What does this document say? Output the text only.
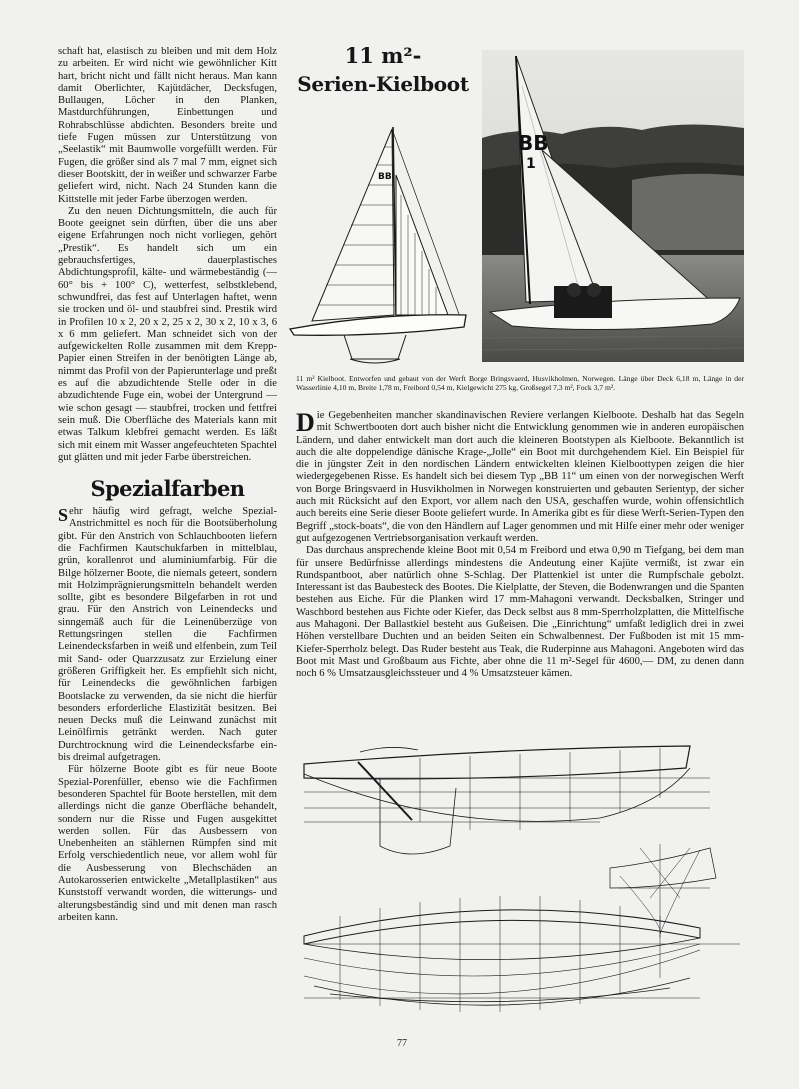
schaft hat, elastisch zu bleiben und mit dem Holz zu arbeiten. Er wird nicht wie gewöhnlicher Kitt hart, bricht nicht und fällt nicht heraus. Man kann damit Oberlichter, Kajütdächer, Decksfugen, Bullaugen, Löcher in den Planken, Mastdurchführungen, Einbettungen und Rohrabschlüsse abdichten. Besonders breite und tiefe Fugen müssen zur Unterstützung von „Seelastik“ mit Baumwolle vorgefüllt werden. Für Fugen, die größer sind als 7 mal 7 mm, eignet sich dieser Bootskitt, der in weißer und schwarzer Farbe geliefert wird, nicht. Nach 24 Stunden kann die Kittstelle mit jeder Farbe überzogen werden.

Zu den neuen Dichtungsmitteln, die auch für Boote geeignet sein dürften, über die uns aber eigene Erfahrungen noch nicht vorliegen, gehört „Prestik“. Es handelt sich um ein gebrauchsfertiges, dauerplastisches Abdichtungsprofil, kälte- und wärmebeständig (— 60° bis + 100° C), wetterfest, selbstklebend, schwundfrei, das fest auf Unterlagen haftet, wenn sie trocken und öl- und staubfrei sind. Prestik wird in Profilen 10 x 2, 20 x 2, 25 x 2, 30 x 2, 10 x 3, 6 x 6 mm geliefert. Man schneidet sich von der aufgewickelten Rolle zusammen mit dem Krepp-Papier einen Streifen in der benötigten Länge ab, nimmt das Profil von der Papierunterlage und preßt es auf die abzudichtende Stelle oder in die abzudichtende Fuge ein, wobei der Untergrund — wie schon gesagt — staubfrei, trocken und fettfrei sein muß. Die Oberfläche des Materials kann mit etwas Talkum klebfrei gemacht werden. Es läßt sich mit einem mit Wasser angefeuchteten Spachtel gut glätten und mit jeder Farbe überstreichen.

Spezialfarben

Sehr häufig wird gefragt, welche Spezial-Anstrichmittel es noch für die Bootsüberholung gibt. Für den Anstrich von Schlauchbooten liefern die Fachfirmen Kautschukfarben in mittelblau, grün, korallenrot und aluminiumfarbig. Für die Bilge hölzerner Boote, die niemals geteert, sondern mit Holzimprägnierungsmitteln behandelt werden sollte, gibt es besondere Bilgefarben in rot und grau. Für den Anstrich von Leinendecks und sinngemäß auch für die Leinenüberzüge von Rettungsringen stellen die Fachfirmen Leinendecksfarben in weiß und elfenbein, zum Teil mit Sand- oder Quarzzusatz zur Erzielung einer größeren Griffigkeit her. Es empfiehlt sich nicht, für Leinendecks die gewöhnlichen farbigen Bootslacke zu verwenden, da sie nicht die hierfür besonders erforderliche Elastizität besitzen. Bei neuen Decks muß die Leinwand zunächst mit Leinölfirnis getränkt werden. Nach guter Durchtrocknung wird die Leinendecksfarbe ein- bis dreimal aufgetragen.

Für hölzerne Boote gibt es für neue Boote Spezial-Porenfüller, ebenso wie die Fachfirmen besonderen Spachtel für Boote herstellen, mit dem allerdings nicht die ganze Oberfläche behandelt, sondern nur die Risse und Fugen ausgekittet werden sollen. Für das Ausbessern von Unebenheiten an stählernen Rümpfen sind mit Erfolg verschiedentlich neue, vor allem wohl für die Ausbesserung von Blechschäden an Autokarosserien entwickelte „Metallplastiken“ aus Kunststoff verwandt worden, die witterungs- und alterungsbeständig sind und mit denen man rasch arbeiten kann.

11 m²-
Serien-Kielboot
BB
BB
1
11 m² Kielboot. Entworfen und gebaut von der Werft Borge Bringsvaerd, Husvikholmen, Norwegen. Länge über Deck 6,18 m, Länge in der Wasserlinie 4,10 m, Breite 1,78 m, Freibord 0,54 m, Kielgewicht 275 kg, Großsegel 7,3 m², Fock 3,7 m².

Die Gegebenheiten mancher skandinavischen Reviere verlangen Kielboote. Deshalb hat das Segeln mit Schwertbooten dort auch bisher nicht die Entwicklung genommen wie in anderen europäischen Ländern, und daher entwickelt man dort auch die kleineren Bootstypen als Kielboote. Bekanntlich ist auch die alte doppelendige dänische Krage-„Jolle“ ein Boot mit durchgehendem Kiel. Ein Beispiel für die in jüngster Zeit in den nordischen Ländern entwickelten kleinen Kielboottypen zeigen die hier wiedergegebenen Risse. Es handelt sich bei diesem Typ „BB 11“ um einen von der norwegischen Werft von Borge Bringsvaerd in Husvikholmen in Norwegen konstruierten und gebauten Serientyp, der sicher auch mit Rücksicht auf den Export, vor allem nach den USA, geschaffen wurde, wohin offensichtlich auch bereits eine Serie dieser Boote geliefert wurde. In Amerika gibt es für diese Werft-Serien-Typen den Begriff „stock-boats“, die von den Händlern auf Lager genommen und mit Hilfe einer mehr oder weniger gut aufgezogenen Vertriebsorganisation verkauft werden.

Das durchaus ansprechende kleine Boot mit 0,54 m Freibord und etwa 0,90 m Tiefgang, bei dem man für unsere Bedürfnisse allerdings mindestens die Andeutung einer Kajüte vermißt, ist zwar ein Rundspantboot, aber natürlich ohne S-Schlag. Der Plattenkiel ist unter die Rumpfschale gebolzt. Interessant ist das Baubesteck des Bootes. Die Kielplatte, der Steven, die Bodenwrangen und die Spanten bestehen aus Eiche. Für die Planken wird 17 mm-Mahagoni verwandt. Decksbalken, Stringer und Waschbord bestehen aus Fichte oder Kiefer, das Deck selbst aus 8 mm-Sperrholzplatten, die Mittelfische aus Mahagoni. Der Ballastkiel besteht aus Gußeisen. Die „Einrichtung“ umfaßt lediglich drei in zwei Höhen verstellbare Duchten und an beiden Seiten ein Schwalbennest. Der Fußboden ist mit 15 mm-Kiefer-Sperrholz belegt. Das Ruder besteht aus Teak, die Ruderpinne aus Mahagoni. Angeboten wird das Boot mit Mast und Großbaum aus Fichte, aber ohne die 11 m²-Segel für 4600,— DM, zu denen dann noch 6 % Umsatzausgleichssteuer und 4 % Umsatzsteuer kämen.

77
